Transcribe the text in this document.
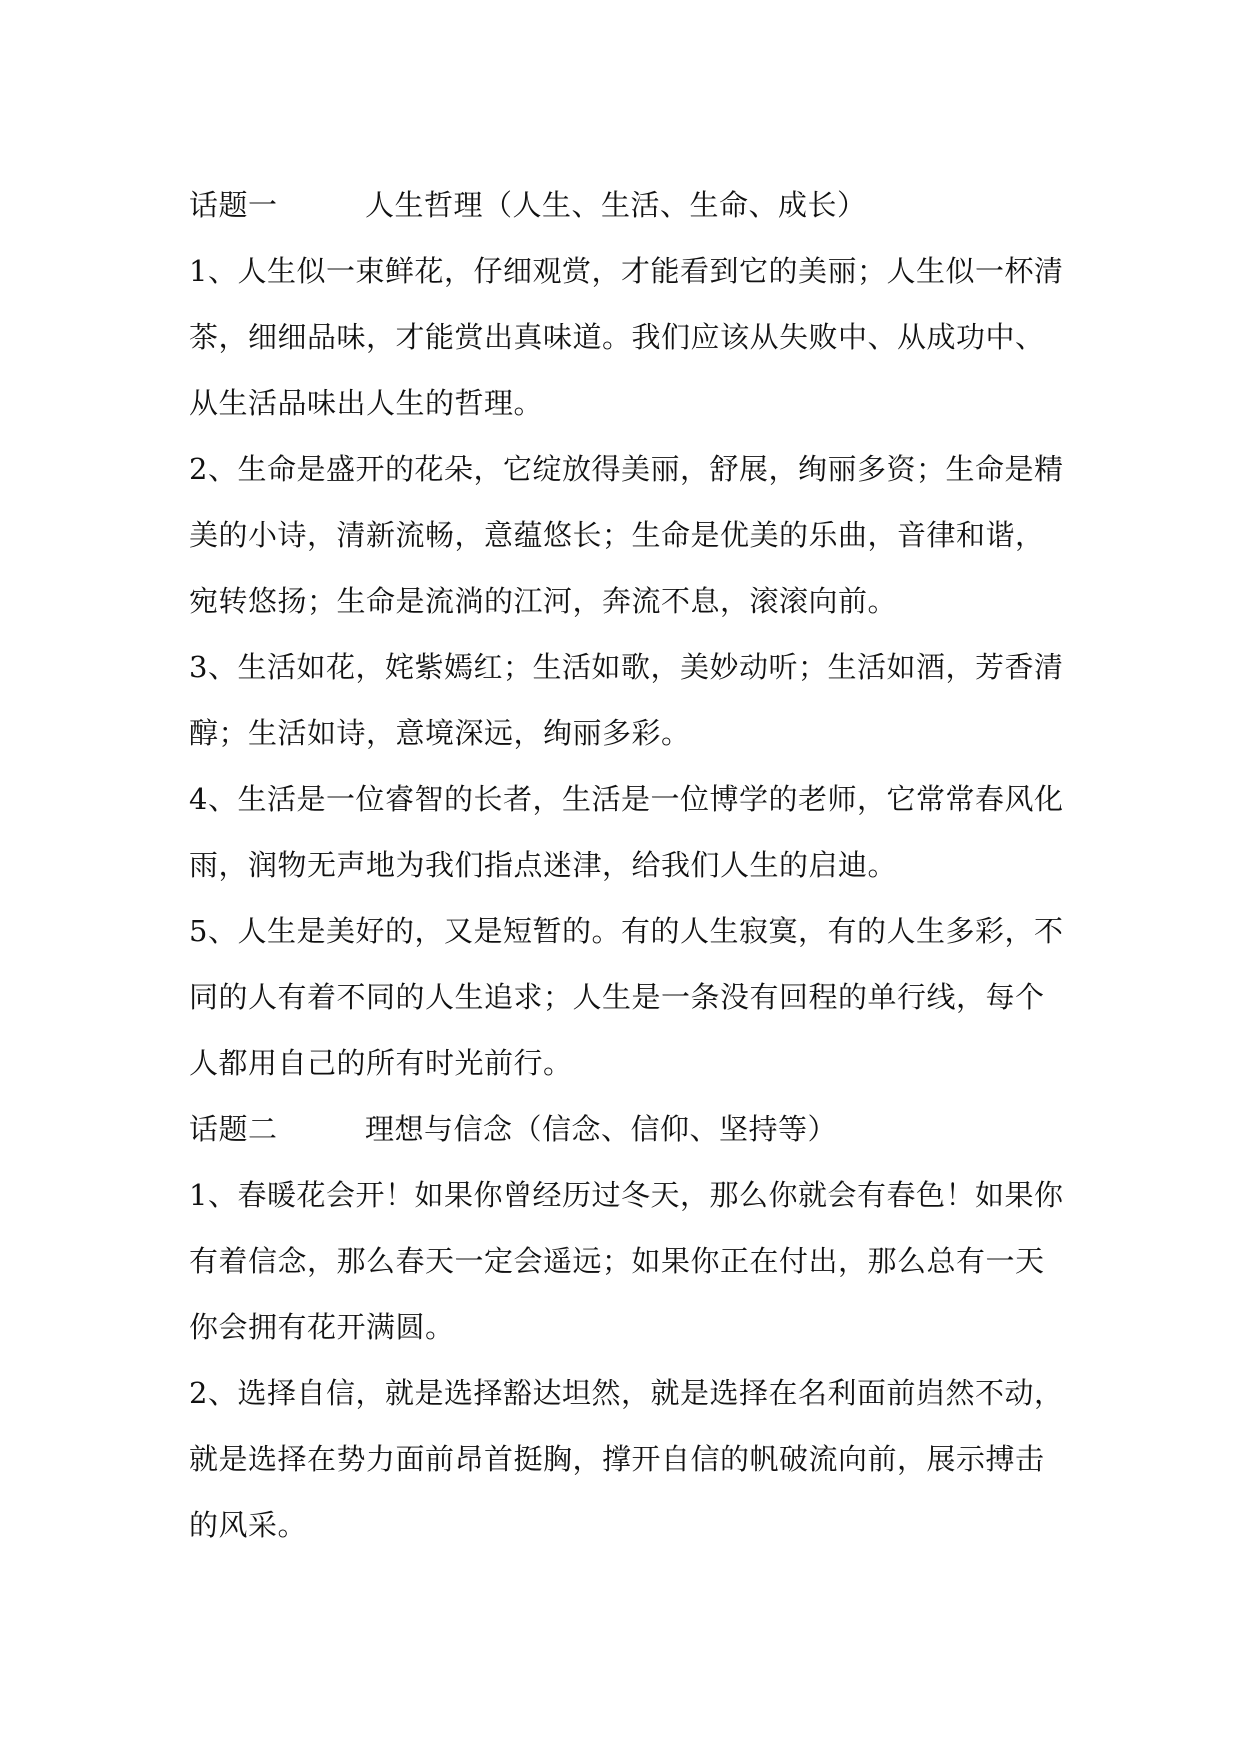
话题一	人生哲理（人生、生活、生命、成长）
1、人生似一束鲜花，仔细观赏，才能看到它的美丽；人生似一杯清
茶，细细品味，才能赏出真味道。我们应该从失败中、从成功中、
从生活品味出人生的哲理。
2、生命是盛开的花朵，它绽放得美丽，舒展，绚丽多资；生命是精
美的小诗，清新流畅，意蕴悠长；生命是优美的乐曲，音律和谐，
宛转悠扬；生命是流淌的江河，奔流不息，滚滚向前。
3、生活如花，姹紫嫣红；生活如歌，美妙动听；生活如酒，芳香清
醇；生活如诗，意境深远，绚丽多彩。
4、生活是一位睿智的长者，生活是一位博学的老师，它常常春风化
雨，润物无声地为我们指点迷津，给我们人生的启迪。
5、人生是美好的，又是短暂的。有的人生寂寞，有的人生多彩，不
同的人有着不同的人生追求；人生是一条没有回程的单行线，每个
人都用自己的所有时光前行。
话题二	理想与信念（信念、信仰、坚持等）
1、春暖花会开！如果你曾经历过冬天，那么你就会有春色！如果你
有着信念，那么春天一定会遥远；如果你正在付出，那么总有一天
你会拥有花开满圆。
2、选择自信，就是选择豁达坦然，就是选择在名利面前岿然不动，
就是选择在势力面前昂首挺胸，撑开自信的帆破流向前，展示搏击
的风采。
